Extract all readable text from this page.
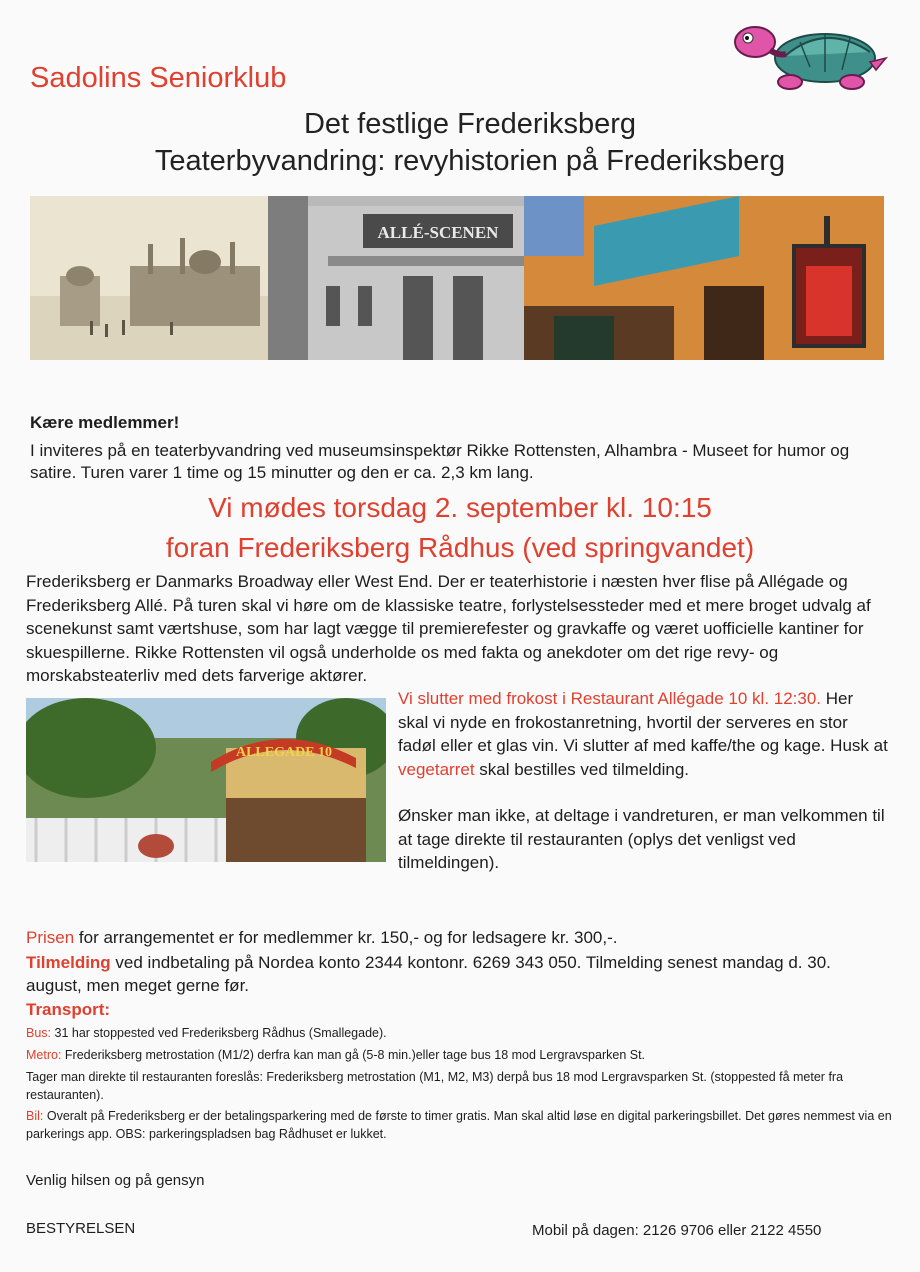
Sadolins Seniorklub
Det festlige Frederiksberg
Teaterbyvandring: revyhistorien på Frederiksberg
ALLÉ-SCENEN
Kære medlemmer!
I inviteres på en teaterbyvandring ved museumsinspektør Rikke Rottensten, Alhambra - Museet for humor og satire. Turen varer 1 time og 15 minutter og den er ca. 2,3 km lang.
Vi mødes torsdag 2. september kl. 10:15
foran Frederiksberg Rådhus (ved springvandet)
Frederiksberg er Danmarks Broadway eller West End. Der er teaterhistorie i næsten hver flise på Allégade og Frederiksberg Allé. På turen skal vi høre om de klassiske teatre, forlystelsessteder med et mere broget udvalg af scenekunst samt værtshuse, som har lagt vægge til premierefester og gravkaffe og været uofficielle kantiner for skuespillerne. Rikke Rottensten vil også underholde os med fakta og anekdoter om det rige revy- og morskabsteaterliv med dets farverige aktører.
ALLEGADE 10
Vi slutter med frokost i Restaurant Allégade 10 kl. 12:30. Her skal vi nyde en frokostanretning, hvortil der serveres en stor fadøl eller et glas vin. Vi slutter af med kaffe/the og kage. Husk at vegetarret skal bestilles ved tilmelding.
Ønsker man ikke, at deltage i vandreturen, er man velkommen til at tage direkte til restauranten (oplys det venligst ved tilmeldingen).
Prisen for arrangementet er for medlemmer kr. 150,- og for ledsagere kr. 300,-.
Tilmelding ved indbetaling på Nordea konto 2344 kontonr. 6269 343 050. Tilmelding senest mandag d. 30. august, men meget gerne før.
Transport:
Bus: 31 har stoppested ved Frederiksberg Rådhus (Smallegade).
Metro: Frederiksberg metrostation (M1/2) derfra kan man gå (5-8 min.)eller tage bus 18 mod Lergravsparken St.
Tager man direkte til restauranten foreslås: Frederiksberg metrostation (M1, M2, M3) derpå bus 18 mod Lergravsparken St. (stoppested få meter fra restauranten).
Bil: Overalt på Frederiksberg er der betalingsparkering med de første to timer gratis. Man skal altid løse en digital parkeringsbillet. Det gøres nemmest via en parkerings app. OBS: parkeringspladsen bag Rådhuset er lukket.
Venlig hilsen og på gensyn
BESTYRELSEN	Mobil på dagen: 2126 9706 eller 2122 4550
